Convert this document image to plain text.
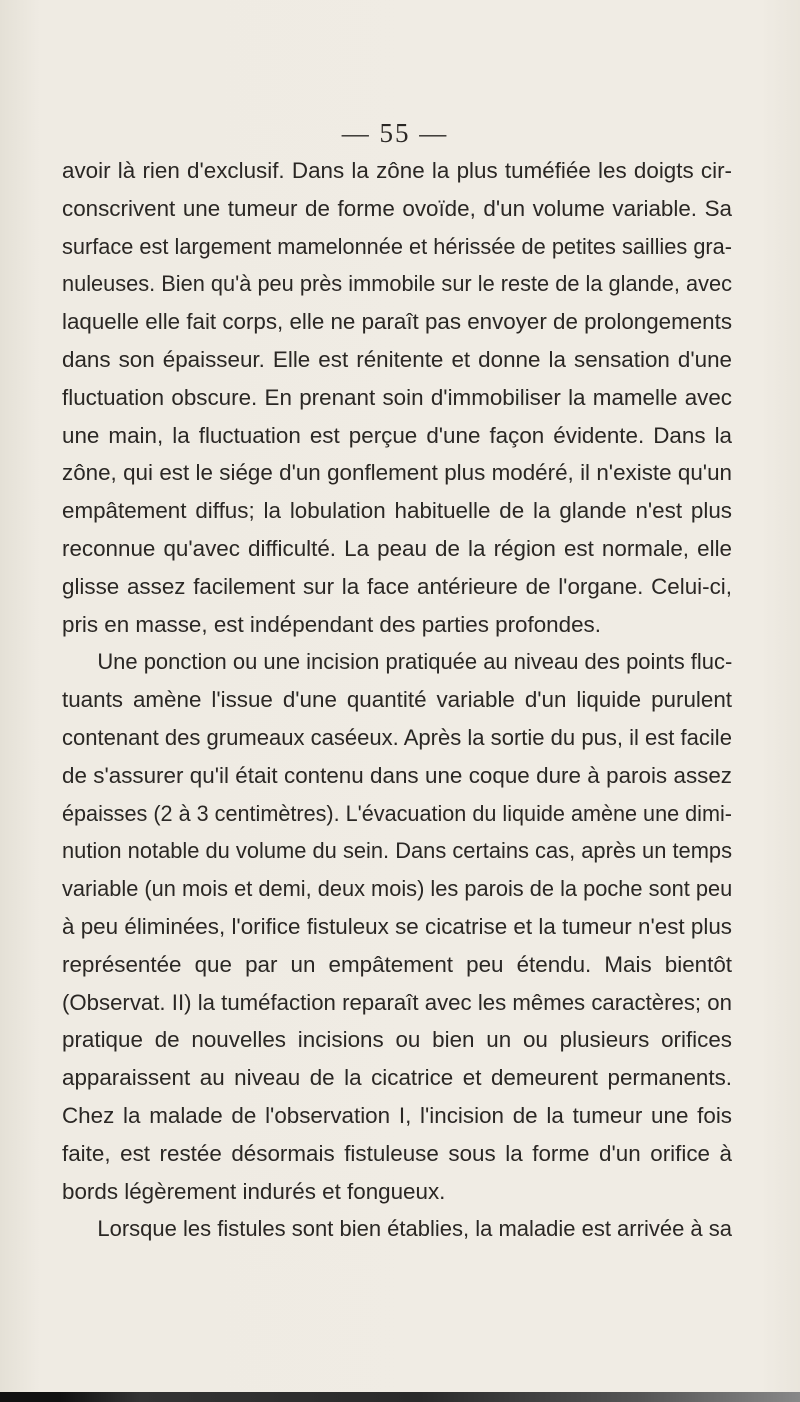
— 55 —
avoir là rien d'exclusif. Dans la zône la plus tuméfiée les doigts cir-
conscrivent une tumeur de forme ovoïde, d'un volume variable. Sa
surface est largement mamelonnée et hérissée de petites saillies gra-
nuleuses. Bien qu'à peu près immobile sur le reste de la glande, avec
laquelle elle fait corps, elle ne paraît pas envoyer de prolongements
dans son épaisseur. Elle est rénitente et donne la sensation d'une
fluctuation obscure. En prenant soin d'immobiliser la mamelle avec
une main, la fluctuation est perçue d'une façon évidente. Dans la
zône, qui est le siége d'un gonflement plus modéré, il n'existe qu'un
empâtement diffus; la lobulation habituelle de la glande n'est plus
reconnue qu'avec difficulté. La peau de la région est normale, elle
glisse assez facilement sur la face antérieure de l'organe. Celui-ci,
pris en masse, est indépendant des parties profondes.
Une ponction ou une incision pratiquée au niveau des points fluc-
tuants amène l'issue d'une quantité variable d'un liquide purulent
contenant des grumeaux caséeux. Après la sortie du pus, il est facile
de s'assurer qu'il était contenu dans une coque dure à parois assez
épaisses (2 à 3 centimètres). L'évacuation du liquide amène une dimi-
nution notable du volume du sein. Dans certains cas, après un temps
variable (un mois et demi, deux mois) les parois de la poche sont peu
à peu éliminées, l'orifice fistuleux se cicatrise et la tumeur n'est plus
représentée que par un empâtement peu étendu. Mais bientôt
(Observat. II) la tuméfaction reparaît avec les mêmes caractères; on
pratique de nouvelles incisions ou bien un ou plusieurs orifices
apparaissent au niveau de la cicatrice et demeurent permanents.
Chez la malade de l'observation I, l'incision de la tumeur une fois
faite, est restée désormais fistuleuse sous la forme d'un orifice à
bords légèrement indurés et fongueux.
Lorsque les fistules sont bien établies, la maladie est arrivée à sa
